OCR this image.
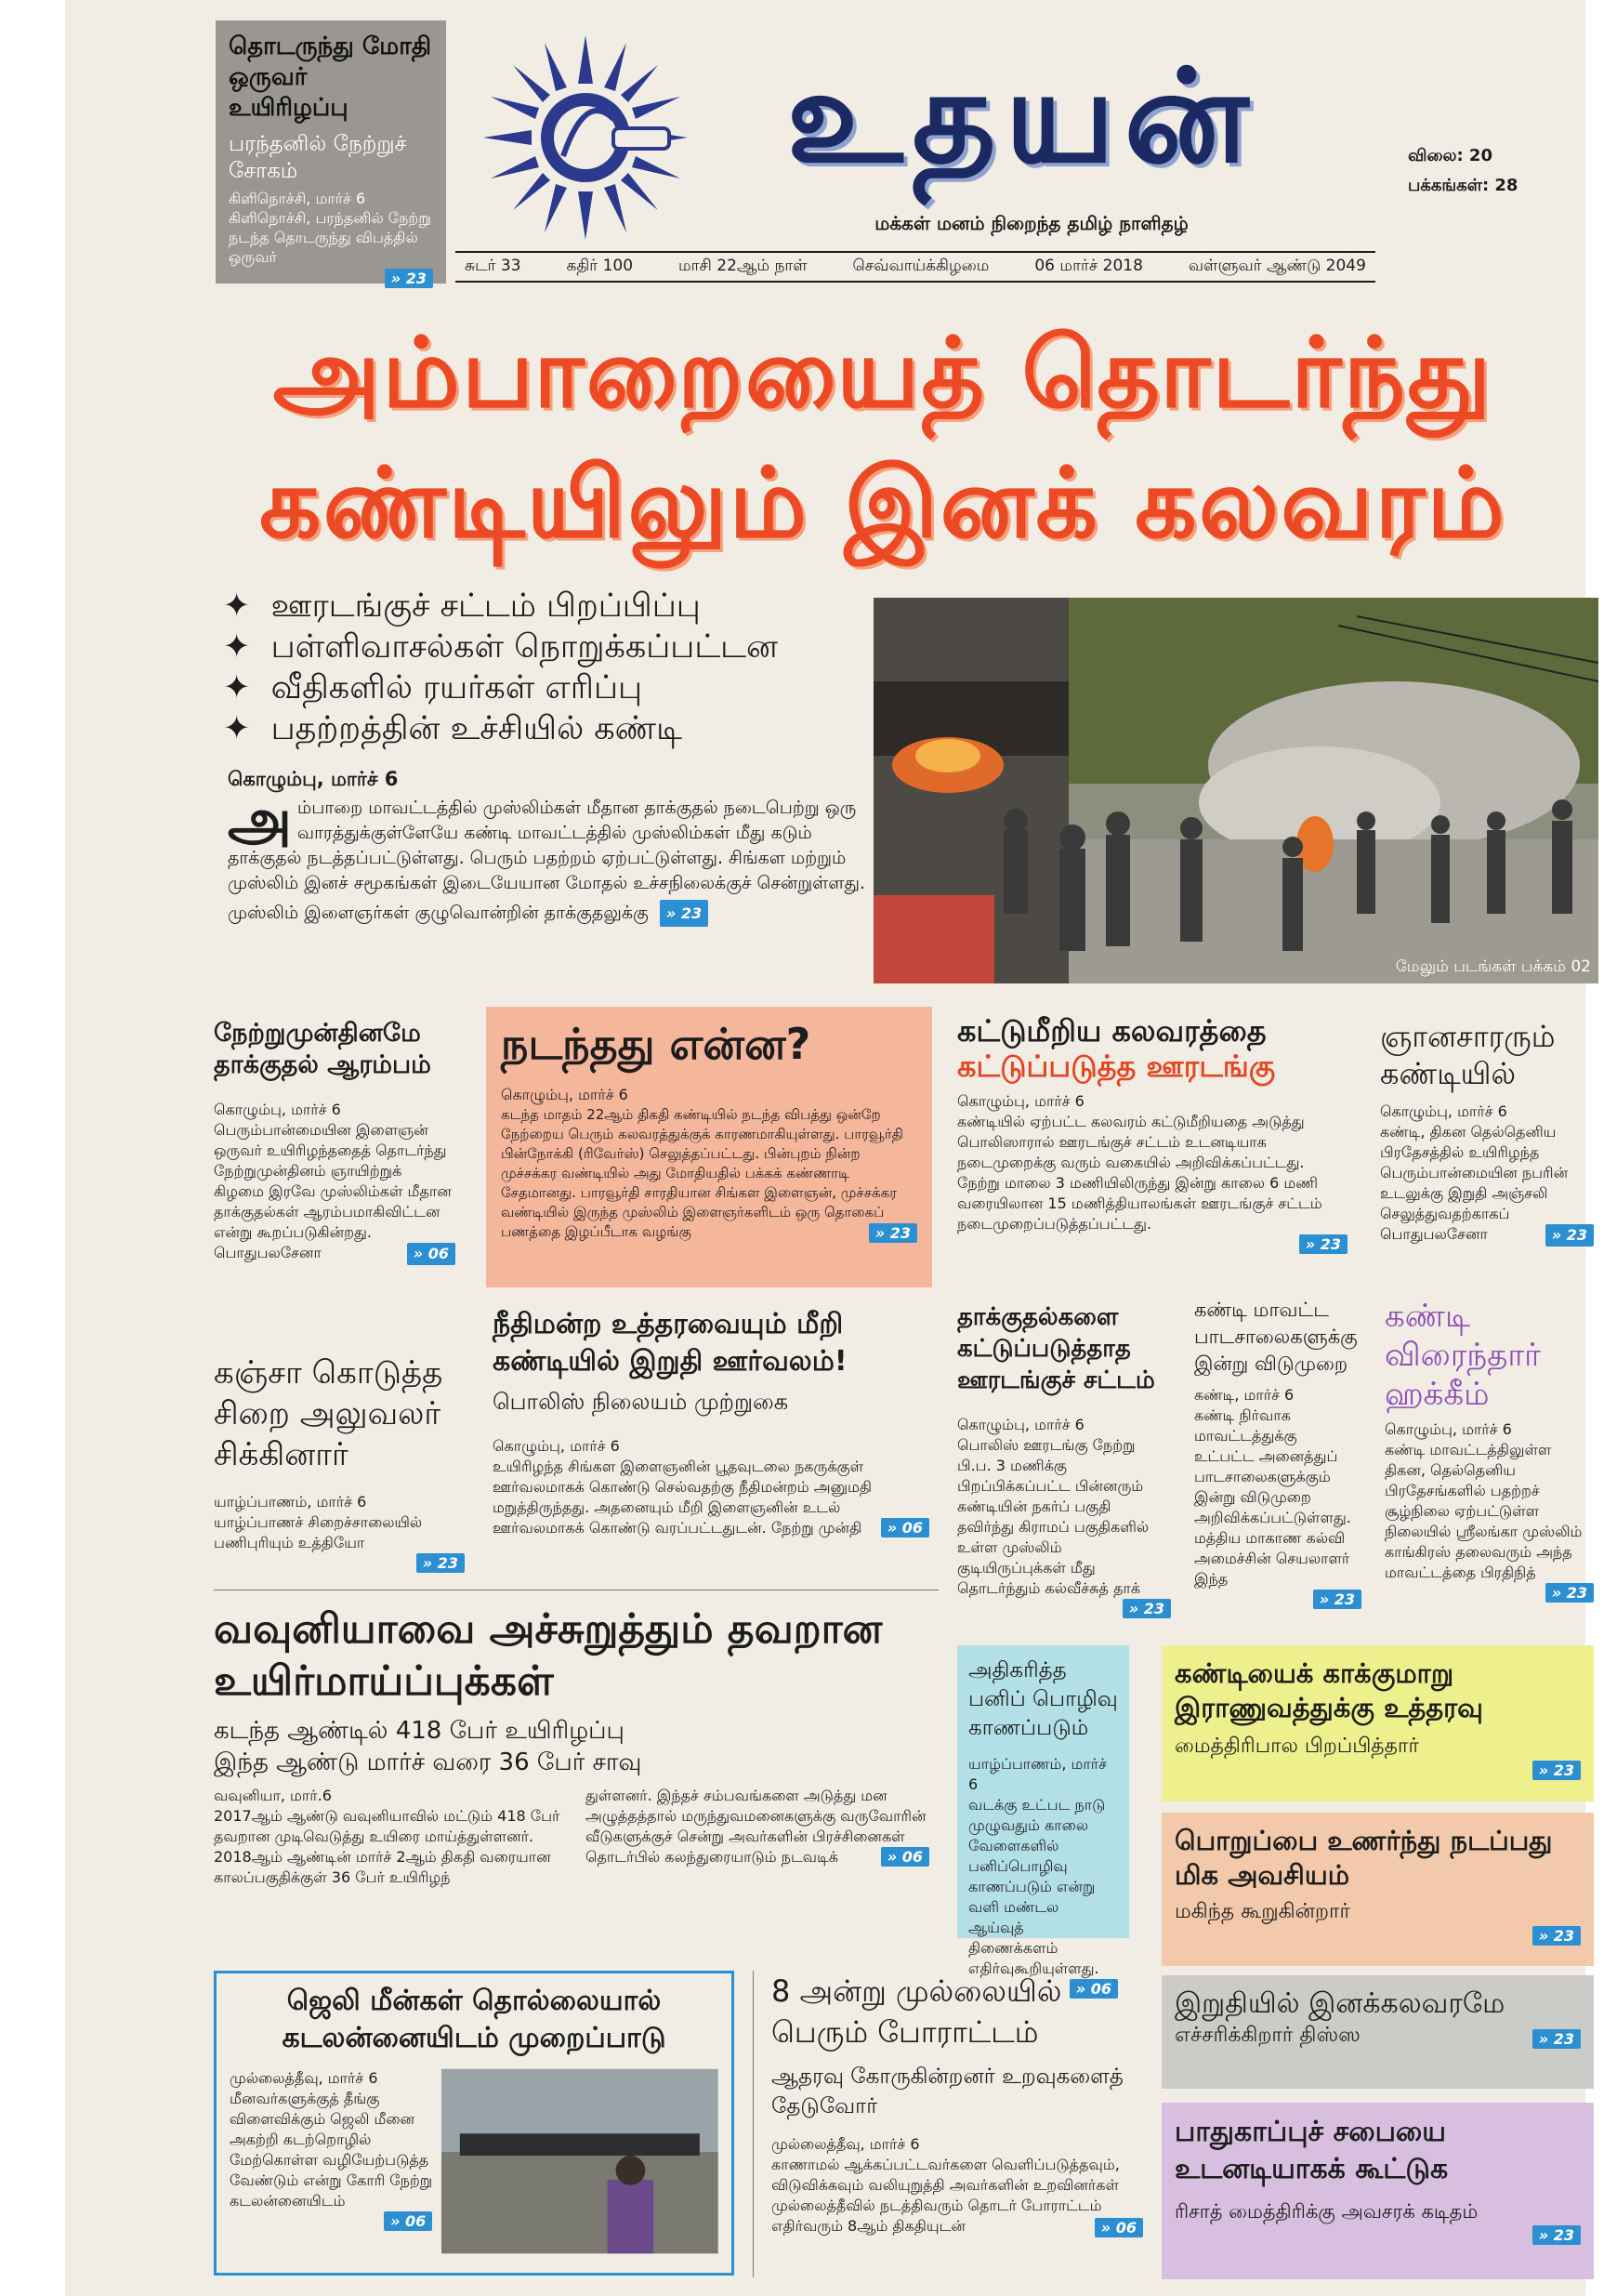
தொடருந்து மோதி ஒருவர் உயிரிழப்பு
பரந்தனில் நேற்றுச் சோகம்
கிளிநொச்சி, மார்ச் 6 கிளிநொச்சி, பரந்தனில் நேற்று நடந்த தொடருந்து விபத்தில் ஒருவர்
» 23
உதயன்
மக்கள் மனம் நிறைந்த தமிழ் நாளிதழ்
விலை: 20
பக்கங்கள்: 28
சுடர் 33	கதிர் 100	மாசி 22ஆம் நாள்	செவ்வாய்க்கிழமை	06 மார்ச் 2018	வள்ளுவர் ஆண்டு 2049
அம்பாறையைத் தொடர்ந்து
கண்டியிலும் இனக் கலவரம்
✦  ஊரடங்குச் சட்டம் பிறப்பிப்பு
✦  பள்ளிவாசல்கள் நொறுக்கப்பட்டன
✦  வீதிகளில் ரயர்கள் எரிப்பு
✦  பதற்றத்தின் உச்சியில் கண்டி
கொழும்பு, மார்ச் 6
அம்பாறை மாவட்டத்தில் முஸ்லிம்கள் மீதான தாக்குதல் நடைபெற்று ஒரு வாரத்துக்குள்ளேயே கண்டி மாவட்டத்தில் முஸ்லிம்கள் மீது கடும் தாக்குதல் நடத்தப்பட்டுள்ளது. பெரும் பதற்றம் ஏற்பட்டுள்ளது. சிங்கள மற்றும் முஸ்லிம் இனச் சமூகங்கள் இடையேயான மோதல் உச்சநிலைக்குச் சென்றுள்ளது.
முஸ்லிம் இளைஞர்கள் குழுவொன்றின் தாக்குதலுக்கு » 23
மேலும் படங்கள் பக்கம் 02
நேற்றுமுன்தினமே தாக்குதல் ஆரம்பம்
கொழும்பு, மார்ச் 6
பெரும்பான்மையின இளைஞன் ஒருவர் உயிரிழந்ததைத் தொடர்ந்து நேற்றுமுன்தினம் ஞாயிற்றுக் கிழமை இரவே முஸ்லிம்கள் மீதான தாக்குதல்கள் ஆரம்பமாகிவிட்டன என்று கூறப்படுகின்றது.
பொதுபலசேனா	» 06
நடந்தது என்ன?
கொழும்பு, மார்ச் 6
கடந்த மாதம் 22ஆம் திகதி கண்டியில் நடந்த விபத்து ஒன்றே நேற்றைய பெரும் கலவரத்துக்குக் காரணமாகியுள்ளது. பாரவூர்தி பின்நோக்கி (ரிவேர்ஸ்) செலுத்தப்பட்டது. பின்புறம் நின்ற முச்சக்கர வண்டியில் அது மோதியதில் பக்கக் கண்ணாடி சேதமானது. பாரவூர்தி சாரதியான சிங்கள இளைஞன், முச்சக்கர வண்டியில் இருந்த முஸ்லிம் இளைஞர்களிடம் ஒரு தொகைப் பணத்தை இழப்பீடாக வழங்கு	» 23
கட்டுமீறிய கலவரத்தை
கட்டுப்படுத்த ஊரடங்கு
கொழும்பு, மார்ச் 6
கண்டியில் ஏற்பட்ட கலவரம் கட்டுமீறியதை அடுத்து பொலிஸாரால் ஊரடங்குச் சட்டம் உடனடியாக நடைமுறைக்கு வரும் வகையில் அறிவிக்கப்பட்டது. நேற்று மாலை 3 மணியிலிருந்து இன்று காலை 6 மணி வரையிலான 15 மணித்தியாலங்கள் ஊரடங்குச் சட்டம் நடைமுறைப்படுத்தப்பட்டது.
» 23
ஞானசாரரும் கண்டியில்
கொழும்பு, மார்ச் 6
கண்டி, திகன தெல்தெனிய பிரதேசத்தில் உயிரிழந்த பெரும்பான்மையின நபரின் உடலுக்கு இறுதி அஞ்சலி செலுத்துவதற்காகப்
பொதுபலசேனா	» 23
கஞ்சா கொடுத்த சிறை அலுவலர் சிக்கினார்
யாழ்ப்பாணம், மார்ச் 6
யாழ்ப்பாணச் சிறைச்சாலையில் பணிபுரியும் உத்தியோ
» 23
நீதிமன்ற உத்தரவையும் மீறி கண்டியில் இறுதி ஊர்வலம்!
பொலிஸ் நிலையம் முற்றுகை
கொழும்பு, மார்ச் 6
உயிரிழந்த சிங்கள இளைஞனின் பூதவுடலை நகருக்குள் ஊர்வலமாகக் கொண்டு செல்வதற்கு நீதிமன்றம் அனுமதி மறுத்திருந்தது. அதனையும் மீறி இளைஞனின் உடல் ஊர்வலமாகக் கொண்டு வரப்பட்டதுடன். நேற்று முன்தி	» 06
தாக்குதல்களை கட்டுப்படுத்தாத ஊரடங்குச் சட்டம்
கொழும்பு, மார்ச் 6
பொலிஸ் ஊரடங்கு நேற்று பி.ப. 3 மணிக்கு பிறப்பிக்கப்பட்ட பின்னரும் கண்டியின் நகர்ப் பகுதி தவிர்ந்து கிராமப் பகுதிகளில் உள்ள முஸ்லிம் குடியிருப்புக்கள் மீது தொடர்ந்தும் கல்வீச்சுத் தாக்
» 23
கண்டி மாவட்ட பாடசாலைகளுக்கு இன்று விடுமுறை
கண்டி, மார்ச் 6
கண்டி நிர்வாக மாவட்டத்துக்கு உட்பட்ட அனைத்துப் பாடசாலைகளுக்கும் இன்று விடுமுறை அறிவிக்கப்பட்டுள்ளது. மத்திய மாகாண கல்வி அமைச்சின் செயலாளர் இந்த
» 23
கண்டி விரைந்தார் ஹக்கீம்
கொழும்பு, மார்ச் 6
கண்டி மாவட்டத்திலுள்ள திகன, தெல்தெனிய பிரதேசங்களில் பதற்றச் சூழ்நிலை ஏற்பட்டுள்ள நிலையில் ஸ்ரீலங்கா முஸ்லிம் காங்கிரஸ் தலைவரும் அந்த மாவட்டத்தை பிரதிநித்
» 23
வவுனியாவை அச்சுறுத்தும் தவறான உயிர்மாய்ப்புக்கள்
கடந்த ஆண்டில் 418 பேர் உயிரிழப்பு
இந்த ஆண்டு மார்ச் வரை 36 பேர் சாவு
வவுனியா, மார்.6
2017ஆம் ஆண்டு வவுனியாவில் மட்டும் 418 பேர் தவறான முடிவெடுத்து உயிரை மாய்த்துள்ளனர். 2018ஆம் ஆண்டின் மார்ச் 2ஆம் திகதி வரையான காலப்பகுதிக்குள் 36 பேர் உயிரிழந்
துள்ளனர். இந்தச் சம்பவங்களை அடுத்து மன அழுத்தத்தால் மருந்துவமனைகளுக்கு வருவோரின் வீடுகளுக்குச் சென்று அவர்களின் பிரச்சினைகள் தொடர்பில் கலந்துரையாடும் நடவடிக்	» 06
அதிகரித்த பனிப் பொழிவு காணப்படும்
யாழ்ப்பாணம், மார்ச் 6
வடக்கு உட்பட நாடு முழுவதும் காலை வேளைகளில் பனிப்பொழிவு காணப்படும் என்று வளி மண்டல ஆய்வுத் திணைக்களம் எதிர்வுகூறியுள்ளது.
» 06
கண்டியைக் காக்குமாறு இராணுவத்துக்கு உத்தரவு
மைத்திரிபால பிறப்பித்தார்
» 23
பொறுப்பை உணர்ந்து நடப்பது மிக அவசியம்
மகிந்த கூறுகின்றார்
» 23
இறுதியில் இனக்கலவரமே
எச்சரிக்கிறார் திஸ்ஸ	» 23
பாதுகாப்புச் சபையை உடனடியாகக் கூட்டுக
ரிசாத் மைத்திரிக்கு அவசரக் கடிதம்
» 23
ஜெலி மீன்கள் தொல்லையால் கடலன்னையிடம் முறைப்பாடு
முல்லைத்தீவு, மார்ச் 6
மீனவர்களுக்குத் தீங்கு விளைவிக்கும் ஜெலி மீனை அகற்றி கடற்றொழில் மேற்கொள்ள வழியேற்படுத்த வேண்டும் என்று கோரி நேற்று கடலன்னையிடம்
» 06
8 அன்று முல்லையில் பெரும் போராட்டம்
ஆதரவு கோருகின்றனர் உறவுகளைத் தேடுவோர்
முல்லைத்தீவு, மார்ச் 6
காணாமல் ஆக்கப்பட்டவர்களை வெளிப்படுத்தவும், விடுவிக்கவும் வலியுறுத்தி அவர்களின் உறவினர்கள் முல்லைத்தீவில் நடத்திவரும் தொடர் போராட்டம் எதிர்வரும் 8ஆம் திகதியுடன்	» 06
